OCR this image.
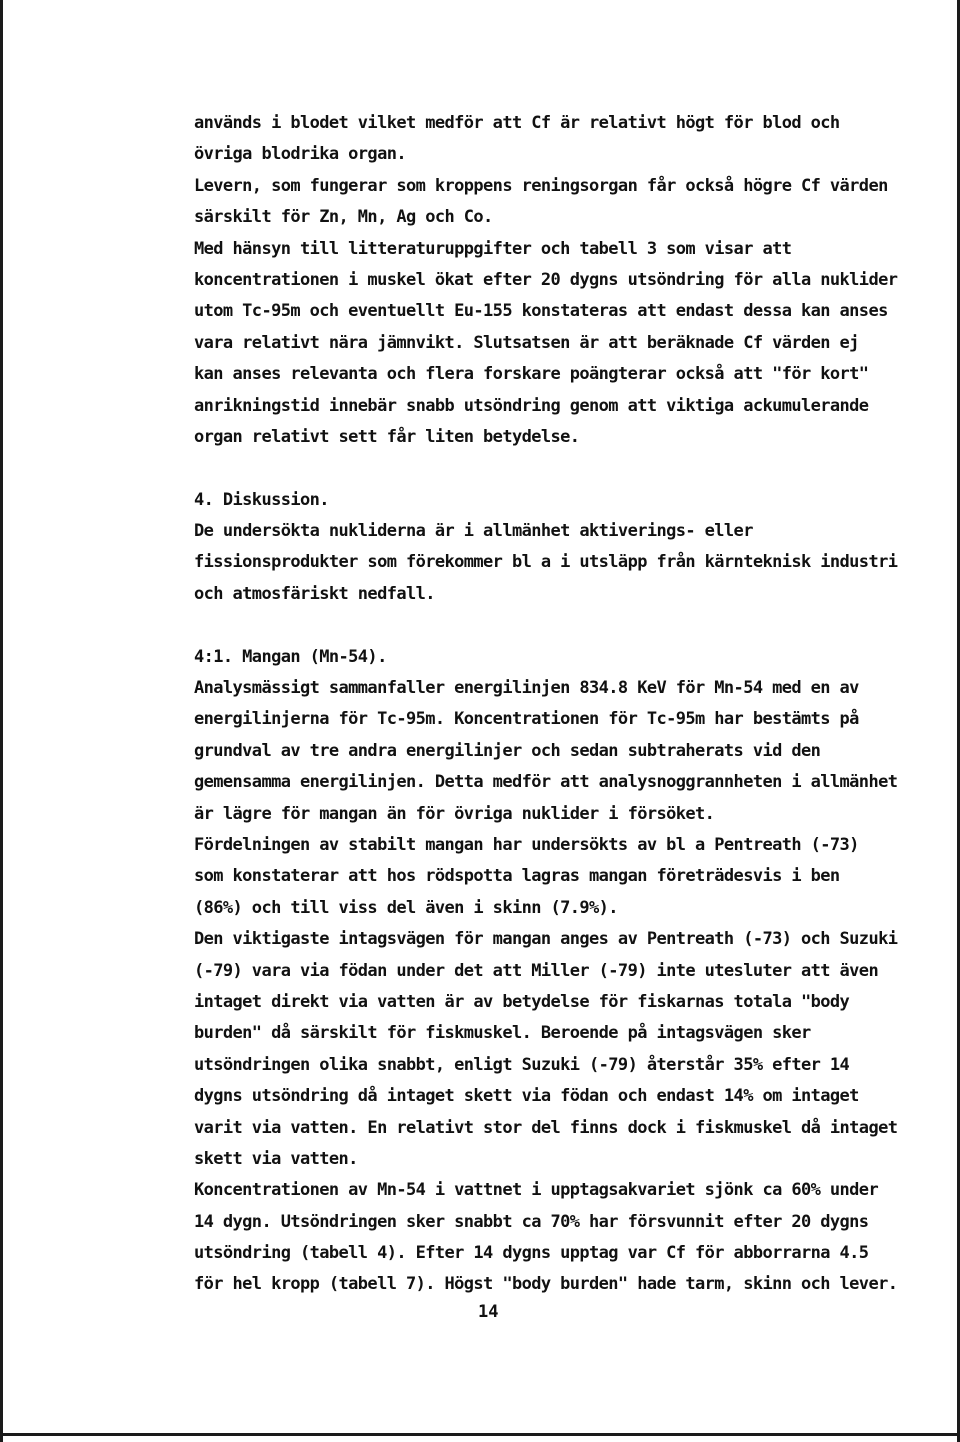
används i blodet vilket medför att Cf är relativt högt för blod och
övriga blodrika organ.
Levern, som fungerar som kroppens reningsorgan får också högre Cf värden
särskilt för Zn, Mn, Ag och Co.
Med hänsyn till litteraturuppgifter och tabell 3 som visar att
koncentrationen i muskel ökat efter 20 dygns utsöndring för alla nuklider
utom Tc-95m och eventuellt Eu-155 konstateras att endast dessa kan anses
vara relativt nära jämnvikt. Slutsatsen är att beräknade Cf värden ej
kan anses relevanta och flera forskare poängterar också att "för kort"
anrikningstid innebär snabb utsöndring genom att viktiga ackumulerande
organ relativt sett får liten betydelse.
4. Diskussion.
De undersökta nukliderna är i allmänhet aktiverings- eller
fissionsprodukter som förekommer bl a i utsläpp från kärnteknisk industri
och atmosfäriskt nedfall.
4:1. Mangan (Mn-54).
Analysmässigt sammanfaller energilinjen 834.8 KeV för Mn-54 med en av
energilinjerna för Tc-95m. Koncentrationen för Tc-95m har bestämts på
grundval av tre andra energilinjer och sedan subtraherats vid den
gemensamma energilinjen. Detta medför att analysnoggrannheten i allmänhet
är lägre för mangan än för övriga nuklider i försöket.
Fördelningen av stabilt mangan har undersökts av bl a Pentreath (-73)
som konstaterar att hos rödspotta lagras mangan företrädesvis i ben
(86%) och till viss del även i skinn (7.9%).
Den viktigaste intagsvägen för mangan anges av Pentreath (-73) och Suzuki
(-79) vara via födan under det att Miller (-79) inte utesluter att även
intaget direkt via vatten är av betydelse för fiskarnas totala "body
burden" då särskilt för fiskmuskel. Beroende på intagsvägen sker
utsöndringen olika snabbt, enligt Suzuki (-79) återstår 35% efter 14
dygns utsöndring då intaget skett via födan och endast 14% om intaget
varit via vatten. En relativt stor del finns dock i fiskmuskel då intaget
skett via vatten.
Koncentrationen av Mn-54 i vattnet i upptagsakvariet sjönk ca 60% under
14 dygn. Utsöndringen sker snabbt ca 70% har försvunnit efter 20 dygns
utsöndring (tabell 4). Efter 14 dygns upptag var Cf för abborrarna 4.5
för hel kropp (tabell 7). Högst "body burden" hade tarm, skinn och lever.
14
